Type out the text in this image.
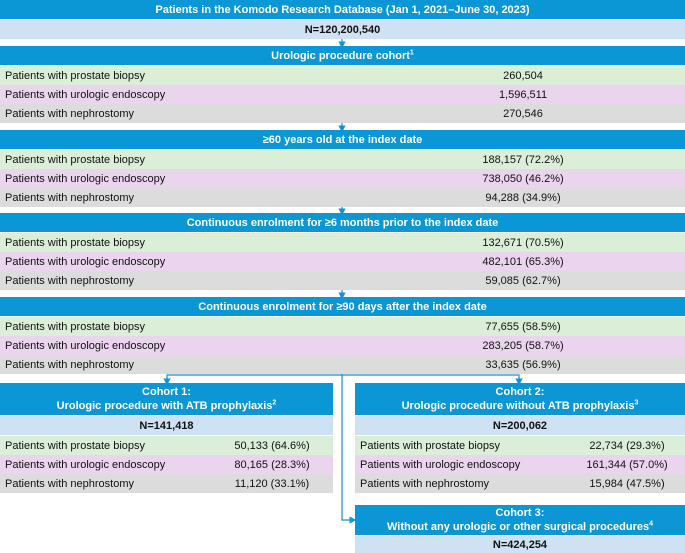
Patients in the Komodo Research Database (Jan 1, 2021–June 30, 2023)
N=120,200,540
Urologic procedure cohort$^1$
Patients with prostate biopsy	260,504
Patients with urologic endoscopy	1,596,511
Patients with nephrostomy	270,546
≥60 years old at the index date
Patients with prostate biopsy	188,157 (72.2%)
Patients with urologic endoscopy	738,050 (46.2%)
Patients with nephrostomy	94,288 (34.9%)
Continuous enrolment for ≥6 months prior to the index date
Patients with prostate biopsy	132,671 (70.5%)
Patients with urologic endoscopy	482,101 (65.3%)
Patients with nephrostomy	59,085 (62.7%)
Continuous enrolment for ≥90 days after the index date
Patients with prostate biopsy	77,655 (58.5%)
Patients with urologic endoscopy	283,205 (58.7%)
Patients with nephrostomy	33,635 (56.9%)
Cohort 1:
Urologic procedure with ATB prophylaxis$^2$
N=141,418
Patients with prostate biopsy	50,133 (64.6%)
Patients with urologic endoscopy	80,165 (28.3%)
Patients with nephrostomy	11,120 (33.1%)
Cohort 2:
Urologic procedure without ATB prophylaxis$^3$
N=200,062
Patients with prostate biopsy	22,734 (29.3%)
Patients with urologic endoscopy	161,344 (57.0%)
Patients with nephrostomy	15,984 (47.5%)
Cohort 3:
Without any urologic or other surgical procedures$^4$
N=424,254
